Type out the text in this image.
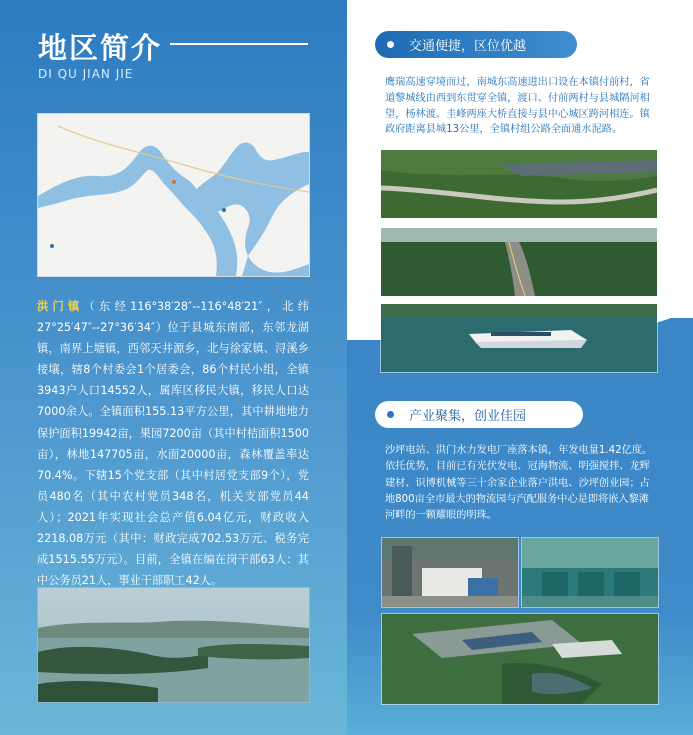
地区简介
DI QU JIAN JIE
洪门镇（东经116°38′28″--116°48′21″，北纬27°25′47″--27°36′34″）位于县城东南部，东邻龙湖镇，南界上塘镇，西邻天井源乡，北与徐家镇、浔溪乡接壤，辖8个村委会1个居委会，86个村民小组，全镇3943户人口14552人，属库区移民大镇，移民人口达7000余人。全镇面积155.13平方公里，其中耕地地力保护面积19942亩，果园7200亩（其中村桔面积1500亩），林地147705亩，水面20000亩，森林覆盖率达70.4%。下辖15个党支部（其中村居党支部9个），党员480名（其中农村党员348名，机关支部党员44人）；2021年实现社会总产值6.04亿元，财政收入2218.08万元（其中：财政完成702.53万元、税务完成1515.55万元）。目前，全镇在编在岗干部63人：其中公务员21人，事业干部职工42人。
交通便捷，区位优越
鹰瑞高速穿境而过，南城东高速进出口设在本镇付前村，省道黎城线由西到东贯穿全镇，渡口、付前两村与县城隔河相望，杨林渡、圭峰两座大桥直接与县中心城区跨河相连。镇政府距离县城13公里，全镇村组公路全面通水泥路。
产业聚集，创业佳园
沙坪电站、洪门水力发电厂座落本镇，年发电量1.42亿度。依托优势，目前已有光伏发电、冠海物流、明强搅拌、龙辉建材、识博机械等三十余家企业落户洪电、沙坪创业园；占地800亩全市最大的物流园与汽配服务中心是即将嵌入黎滩河畔的一颗耀眼的明珠。
